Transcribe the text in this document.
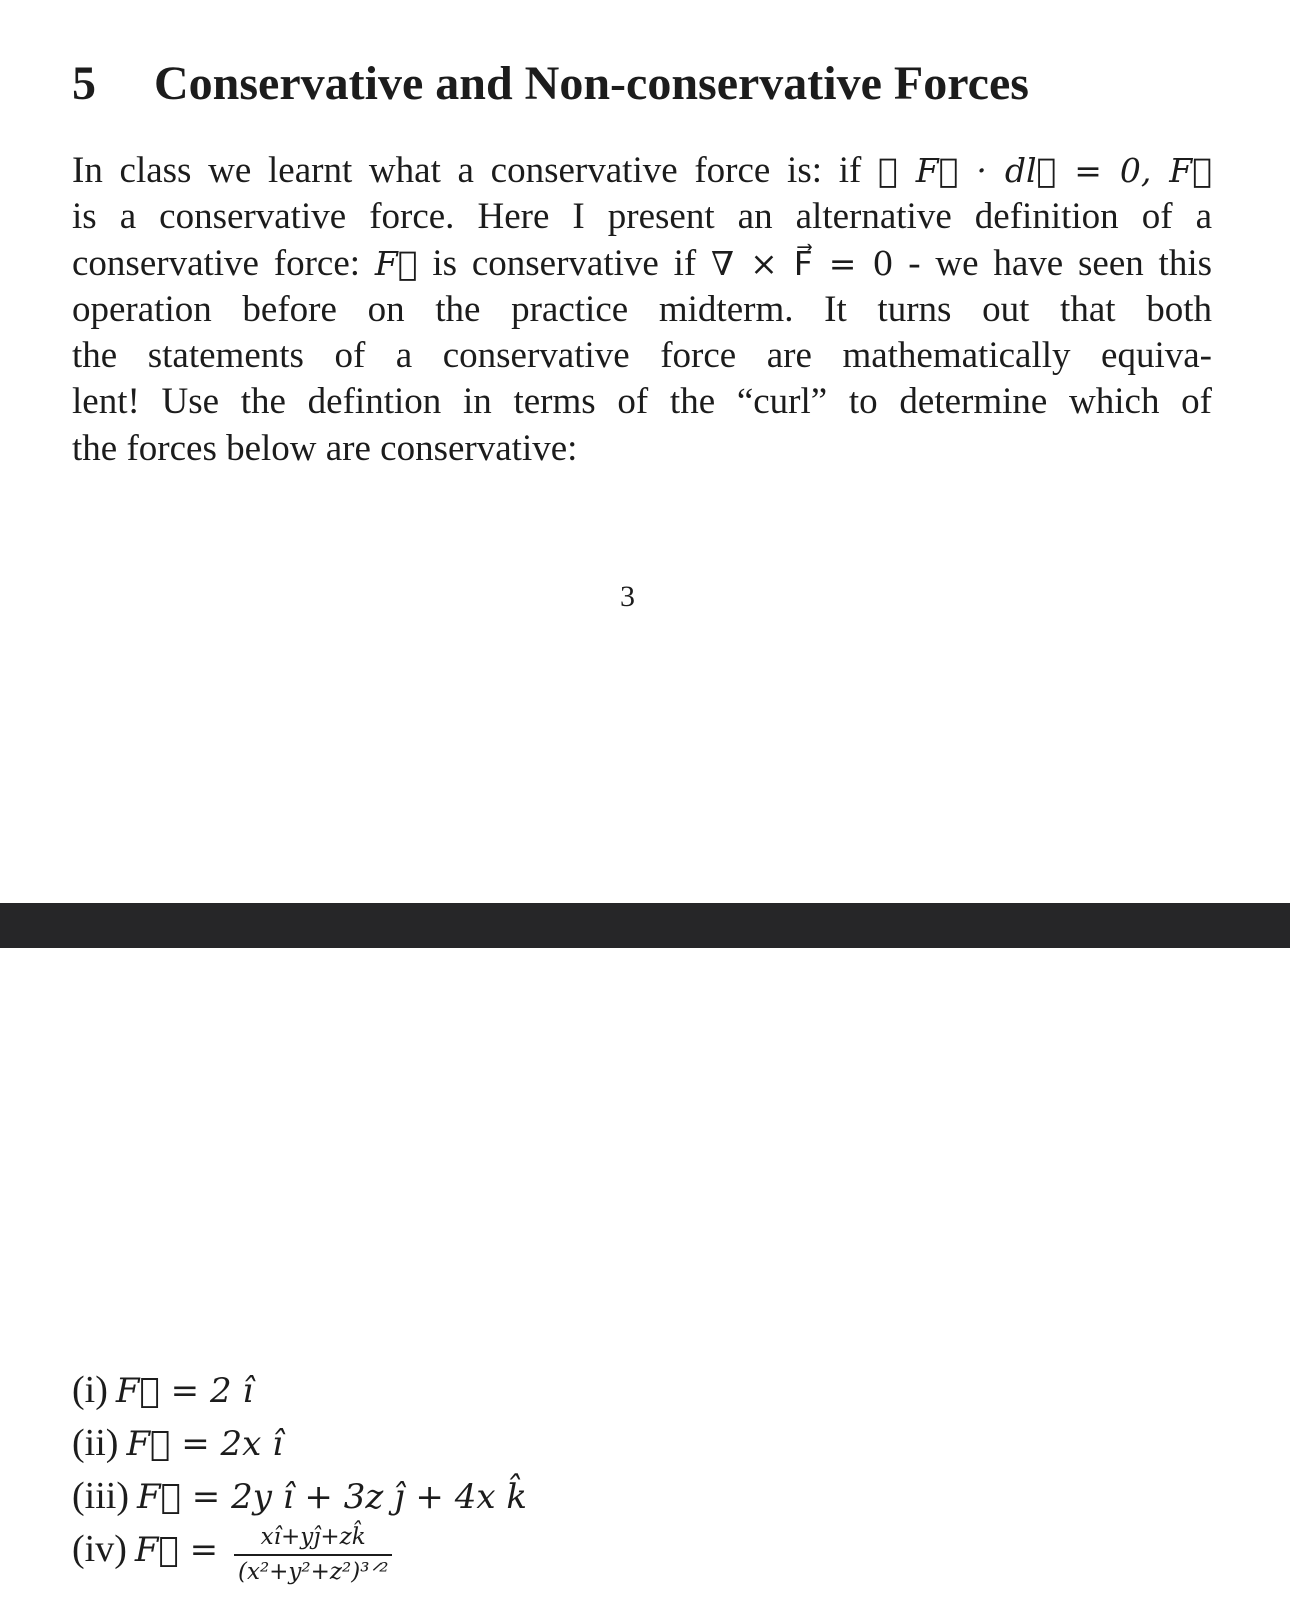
5 Conservative and Non-conservative Forces
In class we learnt what a conservative force is: if ∮ F⃗ · dl⃗ = 0, F⃗
is a conservative force. Here I present an alternative definition of a
conservative force: F⃗ is conservative if ∇ × F⃗ = 0 - we have seen this
operation before on the practice midterm. It turns out that both
the statements of a conservative force are mathematically equiva-
lent! Use the defintion in terms of the “curl” to determine which of
the forces below are conservative:
3
(i) F⃗ = 2 î
(ii) F⃗ = 2x î
(iii) F⃗ = 2y î + 3z ĵ + 4x k̂
(iv) F⃗ =	xî+yĵ+zk̂
(x²+y²+z²)³ᐟ²
